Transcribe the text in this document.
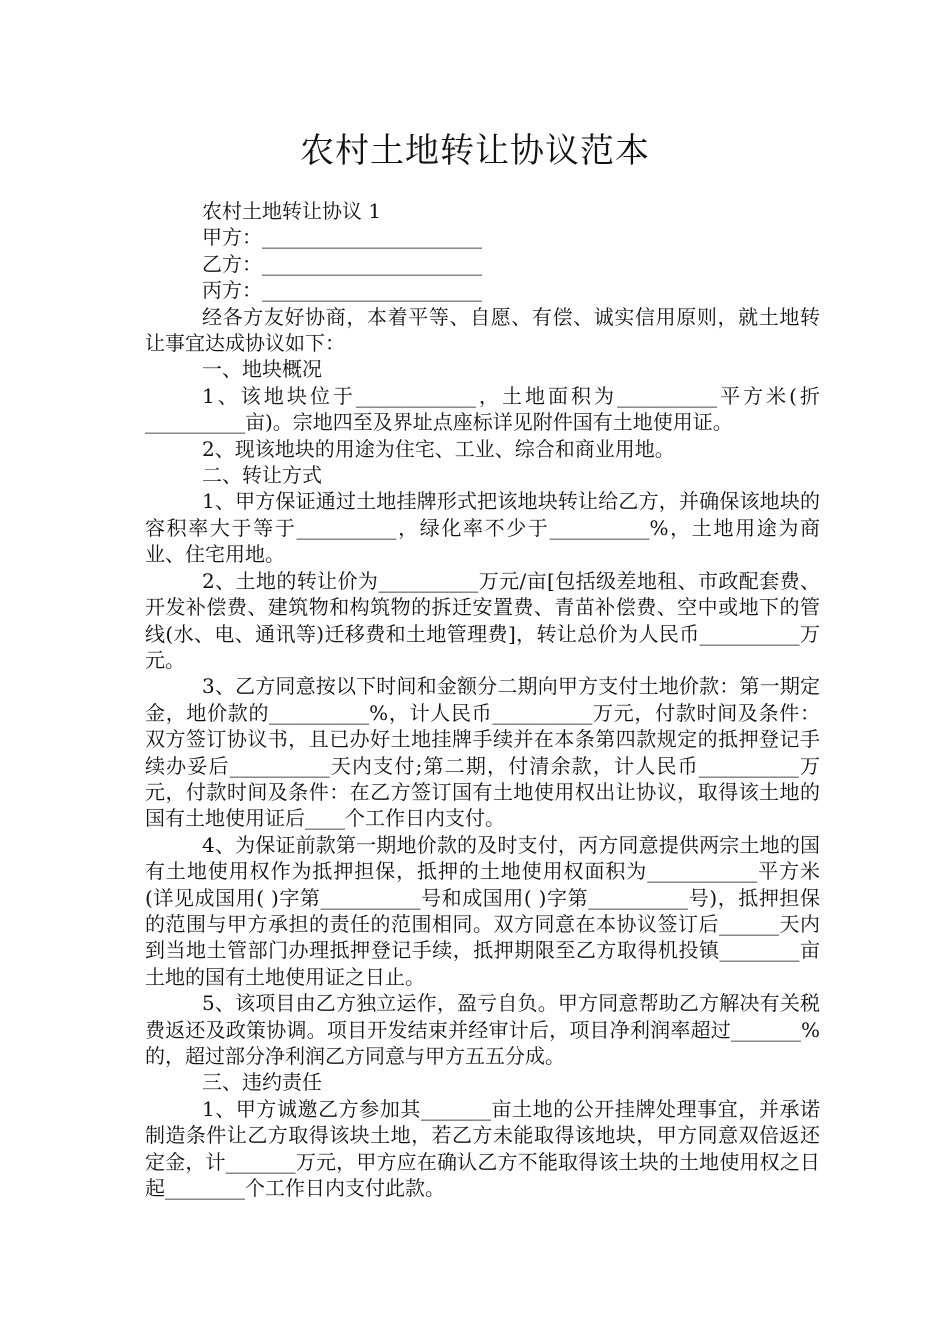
农村土地转让协议范本

农村土地转让协议 1

甲方：______________________

乙方：______________________

丙方：______________________

经各方友好协商，本着平等、自愿、有偿、诚实信用原则，就土地转让事宜达成协议如下：

一、地块概况

1、该地块位于____________，土地面积为__________平方米(折__________亩)。宗地四至及界址点座标详见附件国有土地使用证。

2、现该地块的用途为住宅、工业、综合和商业用地。

二、转让方式

1、甲方保证通过土地挂牌形式把该地块转让给乙方，并确保该地块的容积率大于等于__________，绿化率不少于__________%，土地用途为商业、住宅用地。

2、土地的转让价为__________万元/亩[包括级差地租、市政配套费、开发补偿费、建筑物和构筑物的拆迁安置费、青苗补偿费、空中或地下的管线(水、电、通讯等)迁移费和土地管理费]，转让总价为人民币__________万元。

3、乙方同意按以下时间和金额分二期向甲方支付土地价款：第一期定金，地价款的__________%，计人民币__________万元，付款时间及条件：双方签订协议书，且已办好土地挂牌手续并在本条第四款规定的抵押登记手续办妥后__________天内支付;第二期，付清余款，计人民币__________万元，付款时间及条件：在乙方签订国有土地使用权出让协议，取得该土地的国有土地使用证后____个工作日内支付。

4、为保证前款第一期地价款的及时支付，丙方同意提供两宗土地的国有土地使用权作为抵押担保，抵押的土地使用权面积为___________平方米(详见成国用( )字第__________号和成国用( )字第__________号)，抵押担保的范围与甲方承担的责任的范围相同。双方同意在本协议签订后______天内到当地土管部门办理抵押登记手续，抵押期限至乙方取得机投镇________亩土地的国有土地使用证之日止。

5、该项目由乙方独立运作，盈亏自负。甲方同意帮助乙方解决有关税费返还及政策协调。项目开发结束并经审计后，项目净利润率超过_______%的，超过部分净利润乙方同意与甲方五五分成。

三、违约责任

1、甲方诚邀乙方参加其_______亩土地的公开挂牌处理事宜，并承诺制造条件让乙方取得该块土地，若乙方未能取得该地块，甲方同意双倍返还定金，计_______万元，甲方应在确认乙方不能取得该土块的土地使用权之日起________个工作日内支付此款。
